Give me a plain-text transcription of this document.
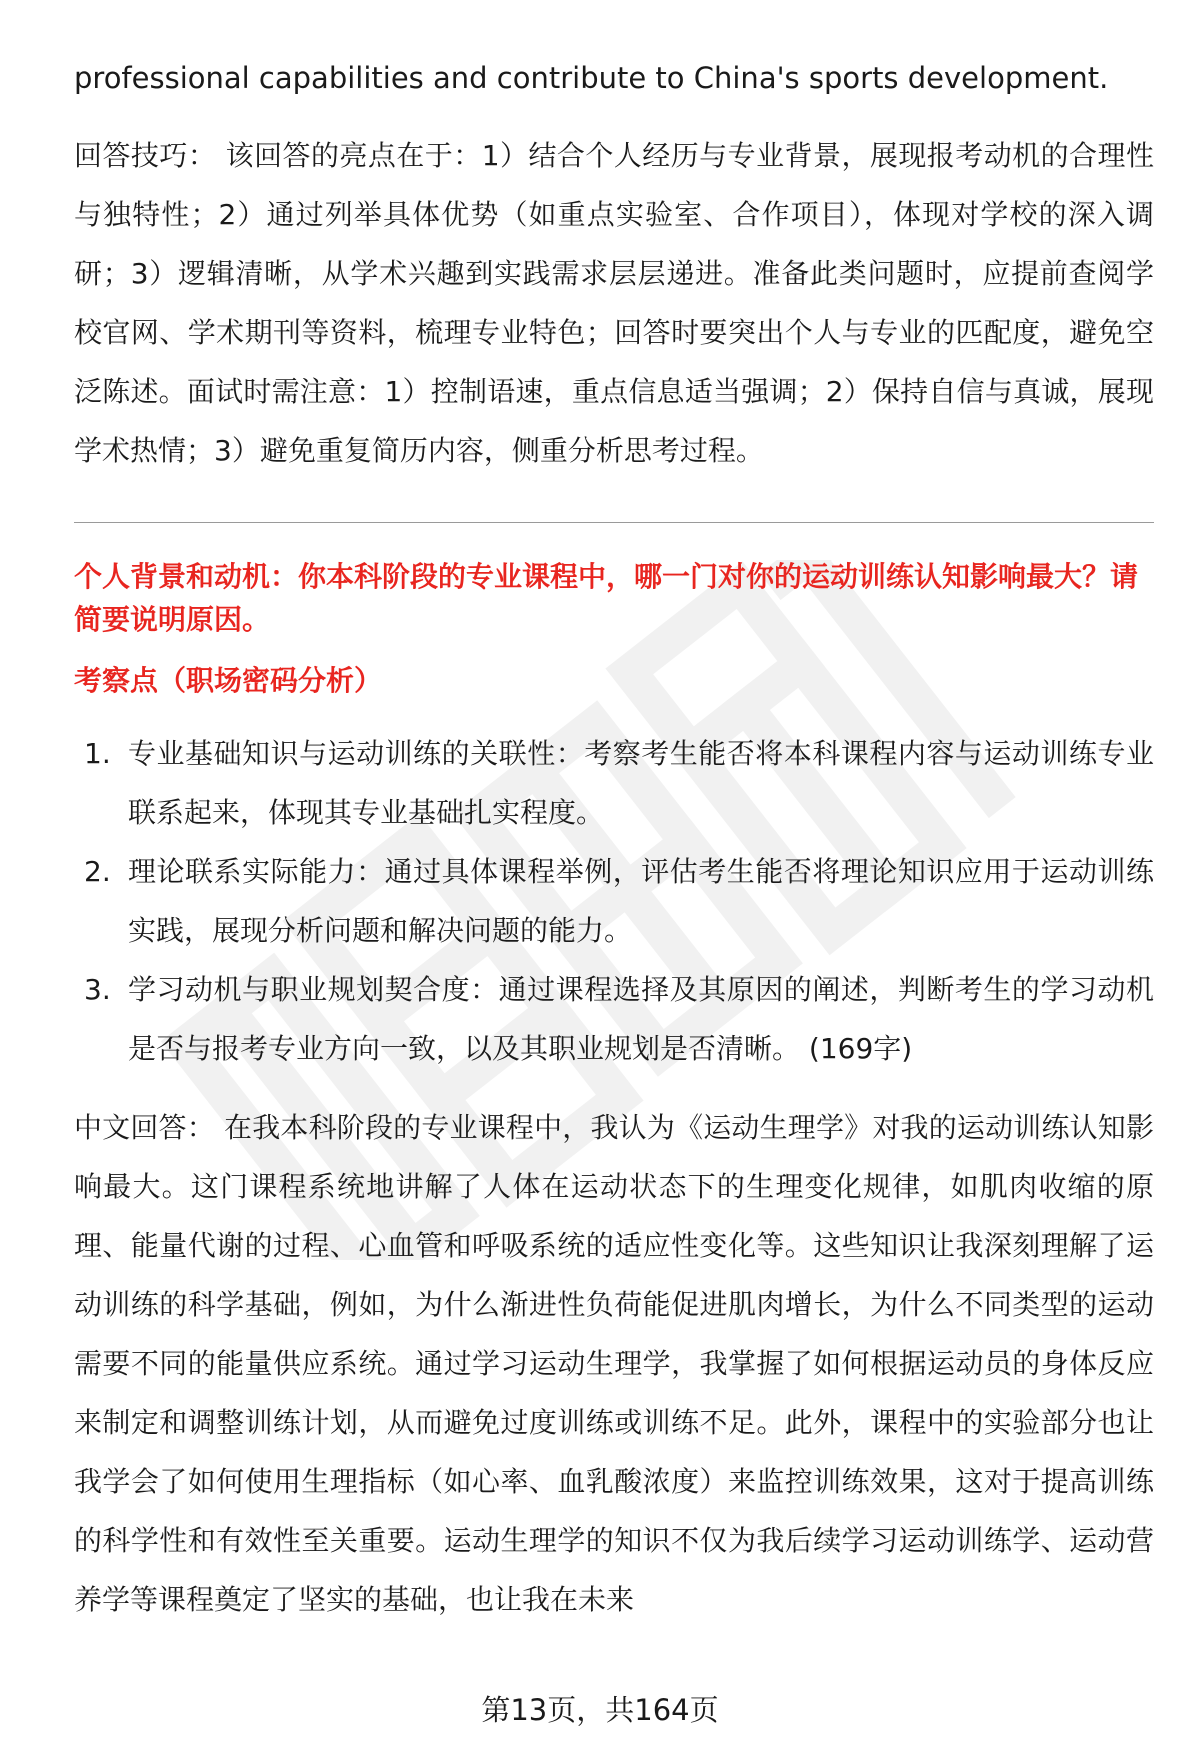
professional capabilities and contribute to China's sports development.

回答技巧： 该回答的亮点在于：1）结合个人经历与专业背景，展现报考动机的合理性与独特性；2）通过列举具体优势（如重点实验室、合作项目），体现对学校的深入调研；3）逻辑清晰，从学术兴趣到实践需求层层递进。准备此类问题时，应提前查阅学校官网、学术期刊等资料，梳理专业特色；回答时要突出个人与专业的匹配度，避免空泛陈述。面试时需注意：1）控制语速，重点信息适当强调；2）保持自信与真诚，展现学术热情；3）避免重复简历内容，侧重分析思考过程。

个人背景和动机：你本科阶段的专业课程中，哪一门对你的运动训练认知影响最大？请简要说明原因。

考察点（职场密码分析）

1. 专业基础知识与运动训练的关联性：考察考生能否将本科课程内容与运动训练专业联系起来，体现其专业基础扎实程度。
2. 理论联系实际能力：通过具体课程举例，评估考生能否将理论知识应用于运动训练实践，展现分析问题和解决问题的能力。
3. 学习动机与职业规划契合度：通过课程选择及其原因的阐述，判断考生的学习动机是否与报考专业方向一致，以及其职业规划是否清晰。 (169字)

中文回答： 在我本科阶段的专业课程中，我认为《运动生理学》对我的运动训练认知影响最大。这门课程系统地讲解了人体在运动状态下的生理变化规律，如肌肉收缩的原理、能量代谢的过程、心血管和呼吸系统的适应性变化等。这些知识让我深刻理解了运动训练的科学基础，例如，为什么渐进性负荷能促进肌肉增长，为什么不同类型的运动需要不同的能量供应系统。通过学习运动生理学，我掌握了如何根据运动员的身体反应来制定和调整训练计划，从而避免过度训练或训练不足。此外，课程中的实验部分也让我学会了如何使用生理指标（如心率、血乳酸浓度）来监控训练效果，这对于提高训练的科学性和有效性至关重要。运动生理学的知识不仅为我后续学习运动训练学、运动营养学等课程奠定了坚实的基础，也让我在未来

第13页，共164页
